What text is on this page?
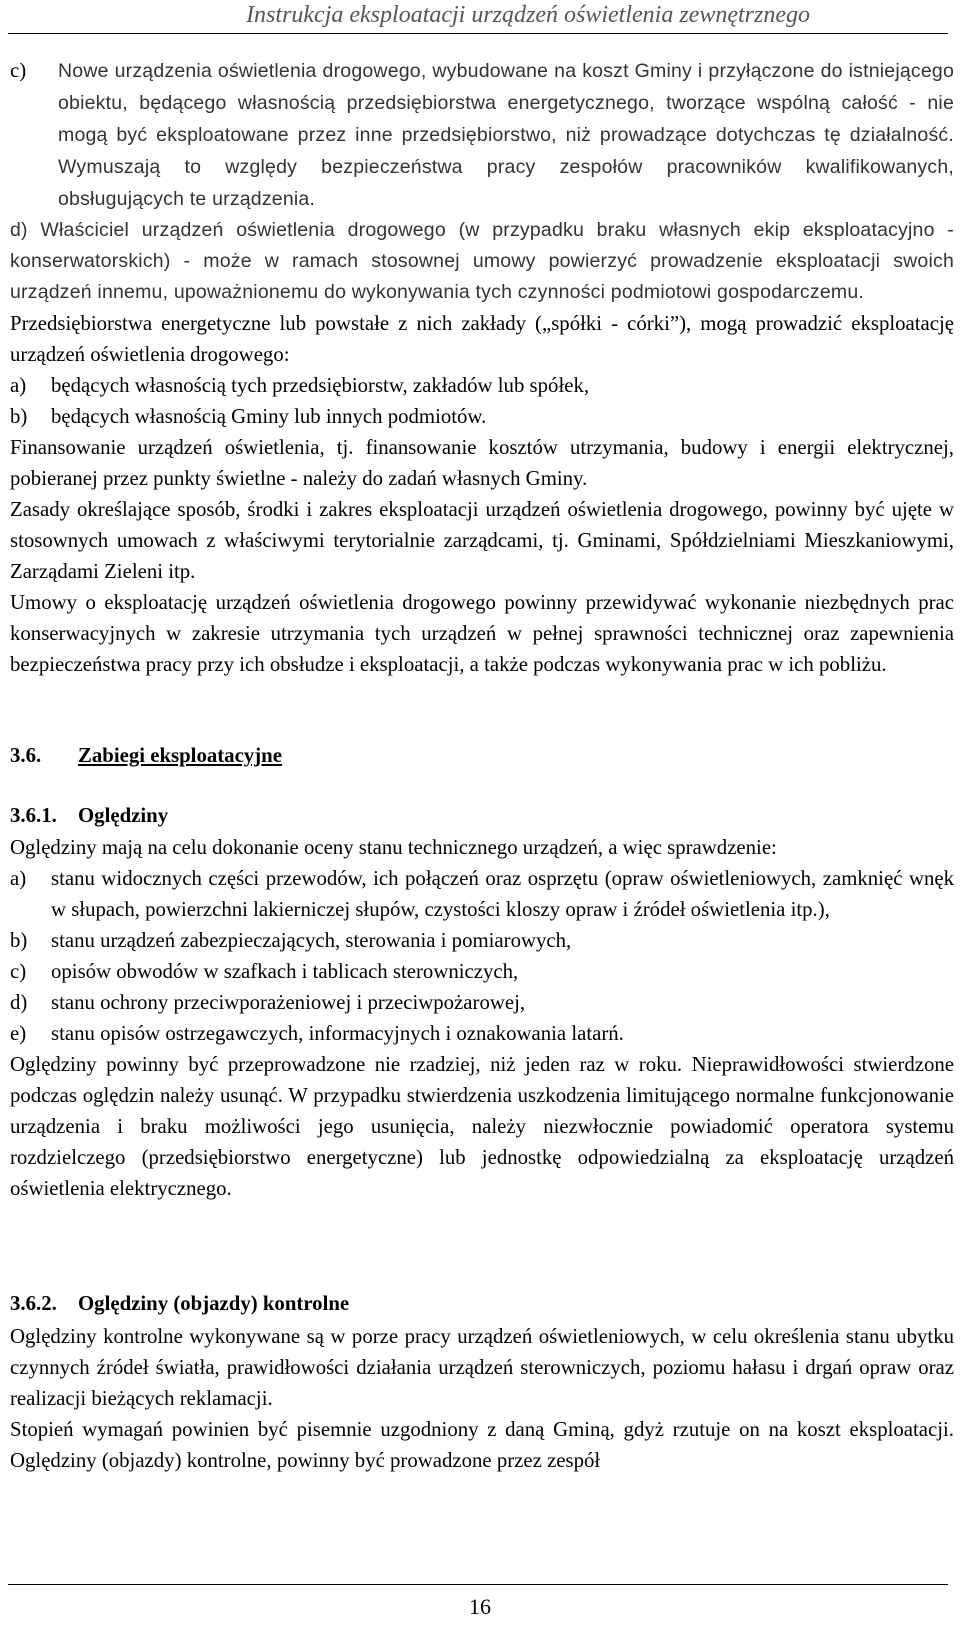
Instrukcja eksploatacji urządzeń oświetlenia zewnętrznego
c) Nowe urządzenia oświetlenia drogowego, wybudowane na koszt Gminy i przyłączone do istniejącego obiektu, będącego własnością przedsiębiorstwa energetycznego, tworzące wspólną całość - nie mogą być eksploatowane przez inne przedsiębiorstwo, niż prowadzące dotychczas tę działalność. Wymuszają to względy bezpieczeństwa pracy zespołów pracowników kwalifikowanych, obsługujących te urządzenia.

d) Właściciel urządzeń oświetlenia drogowego (w przypadku braku własnych ekip eksploatacyjno - konserwatorskich) - może w ramach stosownej umowy powierzyć prowadzenie eksploatacji swoich urządzeń innemu, upoważnionemu do wykonywania tych czynności podmiotowi gospodarczemu.

Przedsiębiorstwa energetyczne lub powstałe z nich zakłady („spółki - córki”), mogą prowadzić eksploatację urządzeń oświetlenia drogowego:

a) będących własnością tych przedsiębiorstw, zakładów lub spółek,
b) będących własnością Gminy lub innych podmiotów.

Finansowanie urządzeń oświetlenia, tj. finansowanie kosztów utrzymania, budowy i energii elektrycznej, pobieranej przez punkty świetlne - należy do zadań własnych Gminy.

Zasady określające sposób, środki i zakres eksploatacji urządzeń oświetlenia drogowego, powinny być ujęte w stosownych umowach z właściwymi terytorialnie zarządcami, tj. Gminami, Spółdzielniami Mieszkaniowymi, Zarządami Zieleni itp.

Umowy o eksploatację urządzeń oświetlenia drogowego powinny przewidywać wykonanie niezbędnych prac konserwacyjnych w zakresie utrzymania tych urządzeń w pełnej sprawności technicznej oraz zapewnienia bezpieczeństwa pracy przy ich obsłudze i eksploatacji, a także podczas wykonywania prac w ich pobliżu.

3.6. Zabiegi eksploatacyjne
3.6.1. Oględziny

Oględziny mają na celu dokonanie oceny stanu technicznego urządzeń, a więc sprawdzenie:

a) stanu widocznych części przewodów, ich połączeń oraz osprzętu (opraw oświetleniowych, zamknięć wnęk w słupach, powierzchni lakierniczej słupów, czystości kloszy opraw i źródeł oświetlenia itp.),
b) stanu urządzeń zabezpieczających, sterowania i pomiarowych,
c) opisów obwodów w szafkach i tablicach sterowniczych,
d) stanu ochrony przeciwporażeniowej i przeciwpożarowej,
e) stanu opisów ostrzegawczych, informacyjnych i oznakowania latarń.

Oględziny powinny być przeprowadzone nie rzadziej, niż jeden raz w roku. Nieprawidłowości stwierdzone podczas oględzin należy usunąć. W przypadku stwierdzenia uszkodzenia limitującego normalne funkcjonowanie urządzenia i braku możliwości jego usunięcia, należy niezwłocznie powiadomić operatora systemu rozdzielczego (przedsiębiorstwo energetyczne) lub jednostkę odpowiedzialną za eksploatację urządzeń oświetlenia elektrycznego.

3.6.2. Oględziny (objazdy) kontrolne

Oględziny kontrolne wykonywane są w porze pracy urządzeń oświetleniowych, w celu określenia stanu ubytku czynnych źródeł światła, prawidłowości działania urządzeń sterowniczych, poziomu hałasu i drgań opraw oraz realizacji bieżących reklamacji.

Stopień wymagań powinien być pisemnie uzgodniony z daną Gminą, gdyż rzutuje on na koszt eksploatacji. Oględziny (objazdy) kontrolne, powinny być prowadzone przez zespół

16
